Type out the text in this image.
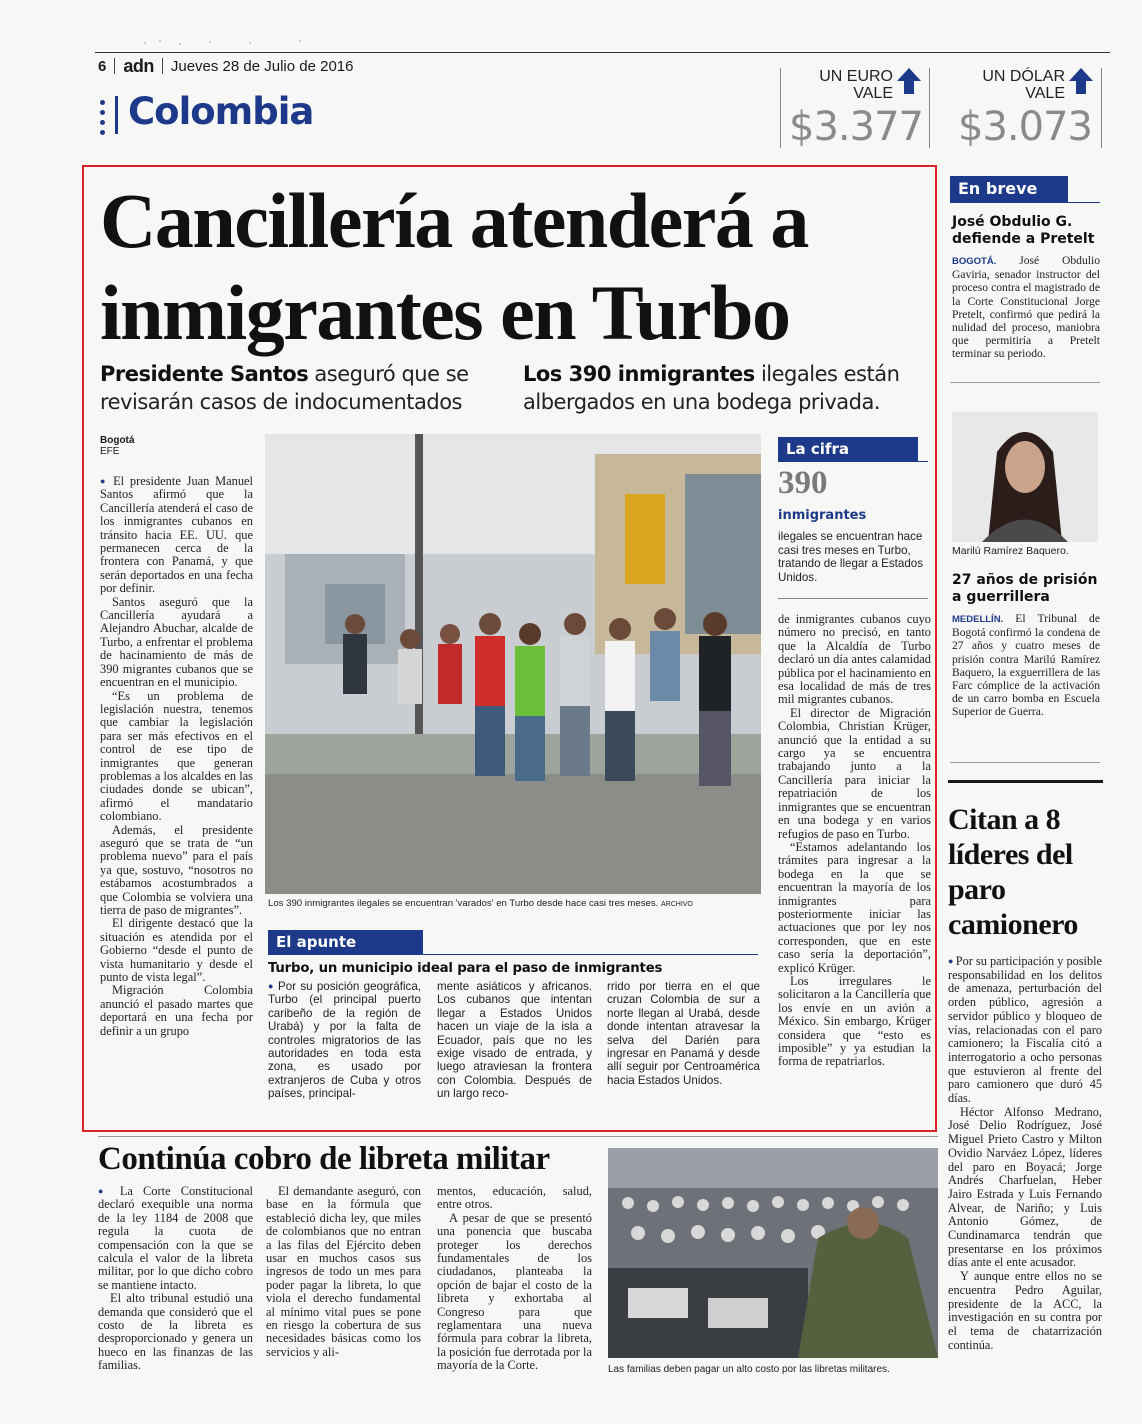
6 adn Jueves 28 de Julio de 2016
Colombia
UN EURO
VALE
$3.377
UN DÓLAR
VALE
$3.073
Cancillería atenderá a inmigrantes en Turbo
Presidente Santos aseguró que se revisarán casos de indocumentados
Los 390 inmigrantes ilegales están albergados en una bodega privada.
Bogotá
EFE

● El presidente Juan Manuel Santos afirmó que la Cancillería atenderá el caso de los inmigrantes cubanos en tránsito hacia EE. UU. que permanecen cerca de la frontera con Panamá, y que serán deportados en una fecha por definir.

Santos aseguró que la Cancillería ayudará a Alejandro Abuchar, alcalde de Turbo, a enfrentar el problema de hacinamiento de más de 390 migrantes cubanos que se encuentran en el municipio.

“Es un problema de legislación nuestra, tenemos que cambiar la legislación para ser más efectivos en el control de ese tipo de inmigrantes que generan problemas a los alcaldes en las ciudades donde se ubican”, afirmó el mandatario colombiano.

Además, el presidente aseguró que se trata de “un problema nuevo” para el país ya que, sostuvo, “nosotros no estábamos acostumbrados a que Colombia se volviera una tierra de paso de migrantes”.

El dirigente destacó que la situación es atendida por el Gobierno “desde el punto de vista humanitario y desde el punto de vista legal”.

Migración Colombia anunció el pasado martes que deportará en una fecha por definir a un grupo

Los 390 inmigrantes ilegales se encuentran 'varados' en Turbo desde hace casi tres meses. ARCHIVO
La cifra
390
inmigrantes
ilegales se encuentran hace casi tres meses en Turbo, tratando de llegar a Estados Unidos.

de inmigrantes cubanos cuyo número no precisó, en tanto que la Alcaldía de Turbo declaró un día antes calamidad pública por el hacinamiento en esa localidad de más de tres mil migrantes cubanos.

El director de Migración Colombia, Christian Krüger, anunció que la entidad a su cargo ya se encuentra trabajando junto a la Cancillería para iniciar la repatriación de los inmigrantes que se encuentran en una bodega y en varios refugios de paso en Turbo.

“Estamos adelantando los trámites para ingresar a la bodega en la que se encuentran la mayoría de los inmigrantes para posteriormente iniciar las actuaciones que por ley nos corresponden, que en este caso sería la deportación”, explicó Krüger.

Los irregulares le solicitaron a la Cancillería que los envíe en un avión a México. Sin embargo, Krüger considera que “esto es imposible” y ya estudian la forma de repatriarlos.

El apunte
Turbo, un municipio ideal para el paso de inmigrantes

● Por su posición geográfica, Turbo (el principal puerto caribeño de la región de Urabá) y por la falta de controles migratorios de las autoridades en toda esta zona, es usado por extranjeros de Cuba y otros países, principal-

mente asiáticos y africanos. Los cubanos que intentan llegar a Estados Unidos hacen un viaje de la isla a Ecuador, país que no les exige visado de entrada, y luego atraviesan la frontera con Colombia. Después de un largo reco-

rrido por tierra en el que cruzan Colombia de sur a norte llegan al Urabá, desde donde intentan atravesar la selva del Darién para ingresar en Panamá y desde allí seguir por Centroamérica hacia Estados Unidos.

En breve
José Obdulio G. defiende a Pretelt
BOGOTÁ. José Obdulio Gaviria, senador instructor del proceso contra el magistrado de la Corte Constitucional Jorge Pretelt, confirmó que pedirá la nulidad del proceso, maniobra que permitiría a Pretelt terminar su periodo.
Marilú Ramírez Baquero.
27 años de prisión a guerrillera
MEDELLÍN. El Tribunal de Bogotá confirmó la condena de 27 años y cuatro meses de prisión contra Marilú Ramírez Baquero, la exguerrillera de las Farc cómplice de la activación de un carro bomba en Escuela Superior de Guerra.
Citan a 8 líderes del paro camionero

● Por su participación y posible responsabilidad en los delitos de amenaza, perturbación del orden público, agresión a servidor público y bloqueo de vías, relacionadas con el paro camionero; la Fiscalía citó a interrogatorio a ocho personas que estuvieron al frente del paro camionero que duró 45 días.

Héctor Alfonso Medrano, José Delio Rodríguez, José Miguel Prieto Castro y Milton Ovidio Narváez López, líderes del paro en Boyacá; Jorge Andrés Charfuelan, Heber Jairo Estrada y Luis Fernando Alvear, de Nariño; y Luis Antonio Gómez, de Cundinamarca tendrán que presentarse en los próximos días ante el ente acusador.

Y aunque entre ellos no se encuentra Pedro Aguilar, presidente de la ACC, la investigación en su contra por el tema de chatarrización continúa.

Continúa cobro de libreta militar

● La Corte Constitucional declaró exequible una norma de la ley 1184 de 2008 que regula la cuota de compensación con la que se calcula el valor de la libreta militar, por lo que dicho cobro se mantiene intacto.

El alto tribunal estudió una demanda que consideró que el costo de la libreta es desproporcionado y genera un hueco en las finanzas de las familias.

El demandante aseguró, con base en la fórmula que estableció dicha ley, que miles de colombianos que no entran a las filas del Ejército deben usar en muchos casos sus ingresos de todo un mes para poder pagar la libreta, lo que viola el derecho fundamental al mínimo vital pues se pone en riesgo la cobertura de sus necesidades básicas como los servicios y ali-

mentos, educación, salud, entre otros.

A pesar de que se presentó una ponencia que buscaba proteger los derechos fundamentales de los ciudadanos, planteaba la opción de bajar el costo de la libreta y exhortaba al Congreso para que reglamentara una nueva fórmula para cobrar la libreta, la posición fue derrotada por la mayoría de la Corte.	Las familias deben pagar un alto costo por las libretas militares.
